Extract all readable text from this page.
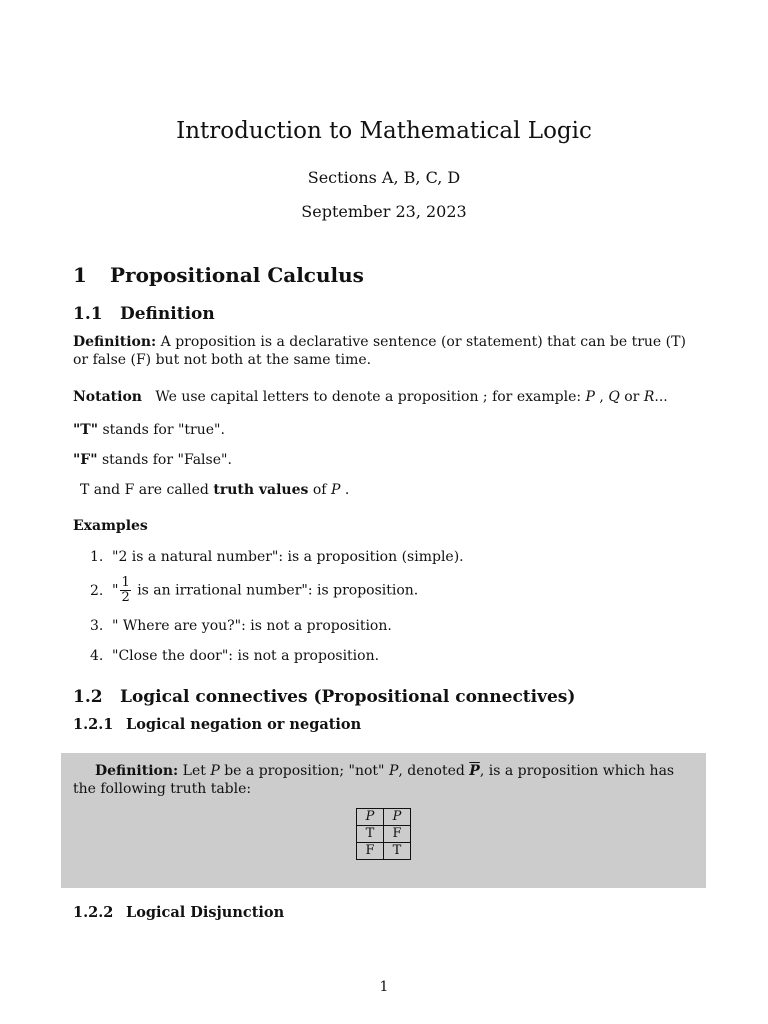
Introduction to Mathematical Logic
Sections A, B, C, D
September 23, 2023
1 Propositional Calculus
1.1 Definition
Definition: A proposition is a declarative sentence (or statement) that can be true (T) or false (F) but not both at the same time.
Notation We use capital letters to denote a proposition ; for example: P , Q or R...
"T" stands for "true".
"F" stands for "False".
T and F are called truth values of P .
Examples
1. "2 is a natural number": is a proposition (simple).
2. " $\frac{1}{2}$ is an irrational number": is proposition.
3. " Where are you?": is not a proposition.
4. "Close the door": is not a proposition.
1.2 Logical connectives (Propositional connectives)
1.2.1 Logical negation or negation
Definition: Let P be a proposition; "not" P, denoted $\overline{P}$, is a proposition which has the following truth table:
P	$\overline{P}$
T	F
F	T
1.2.2 Logical Disjunction
1
